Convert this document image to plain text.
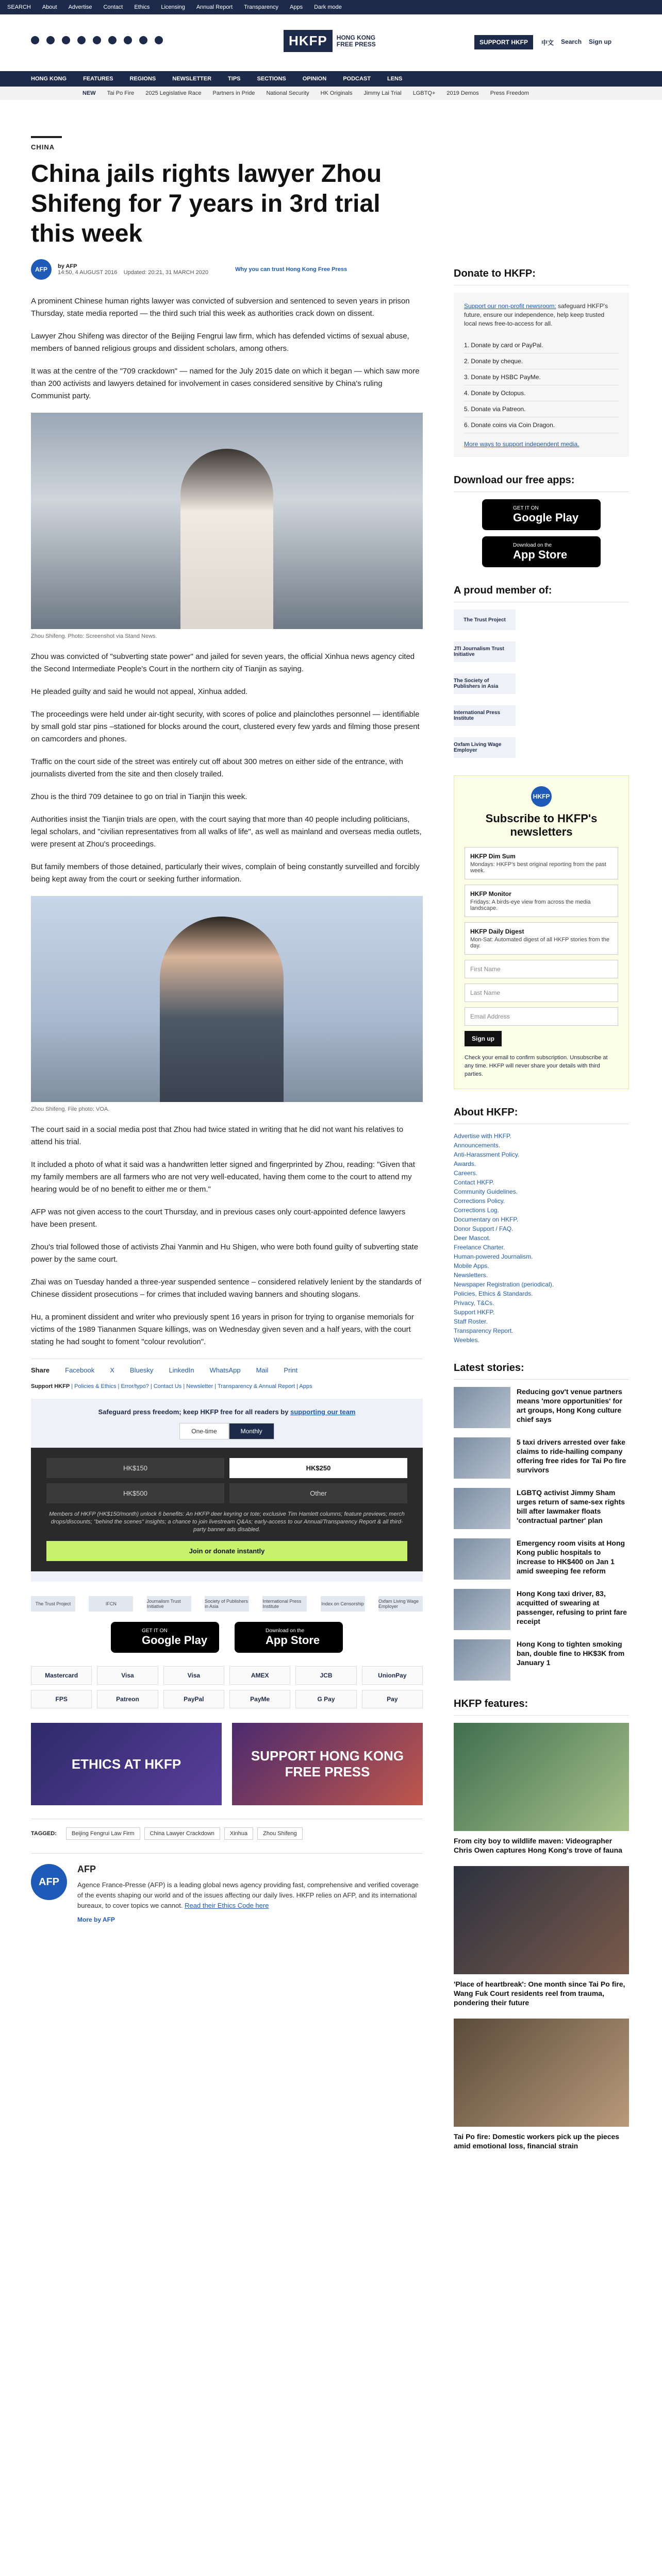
SEARCH About Advertise Contact Ethics Licensing Annual Report Transparency Apps Dark mode
HKFP	HONG KONG
FREE PRESS	SUPPORT HKFP	中文 Search Sign up
HONG KONG	FEATURES	REGIONS	NEWSLETTER	TIPS	SECTIONS	OPINION	PODCAST	LENS
NEW Tai Po Fire 2025 Legislative Race Partners in Pride National Security HK Originals Jimmy Lai Trial LGBTQ+ 2019 Demos Press Freedom
CHINA
China jails rights lawyer Zhou Shifeng for 7 years in 3rd trial this week
AFP	by AFP
14:50, 4 AUGUST 2016 Updated: 20:21, 31 MARCH 2020	Why you can trust Hong Kong Free Press

A prominent Chinese human rights lawyer was convicted of subversion and sentenced to seven years in prison Thursday, state media reported — the third such trial this week as authorities crack down on dissent.

Lawyer Zhou Shifeng was director of the Beijing Fengrui law firm, which has defended victims of sexual abuse, members of banned religious groups and dissident scholars, among others.

It was at the centre of the "709 crackdown" — named for the July 2015 date on which it began — which saw more than 200 activists and lawyers detained for involvement in cases considered sensitive by China's ruling Communist party.

Zhou Shifeng. Photo: Screenshot via Stand News.

Zhou was convicted of "subverting state power" and jailed for seven years, the official Xinhua news agency cited the Second Intermediate People's Court in the northern city of Tianjin as saying.

He pleaded guilty and said he would not appeal, Xinhua added.

The proceedings were held under air-tight security, with scores of police and plainclothes personnel — identifiable by small gold star pins –stationed for blocks around the court, clustered every few yards and filming those present on camcorders and phones.

Traffic on the court side of the street was entirely cut off about 300 metres on either side of the entrance, with journalists diverted from the site and then closely trailed.

Zhou is the third 709 detainee to go on trial in Tianjin this week.

Authorities insist the Tianjin trials are open, with the court saying that more than 40 people including politicians, legal scholars, and "civilian representatives from all walks of life", as well as mainland and overseas media outlets, were present at Zhou's proceedings.

But family members of those detained, particularly their wives, complain of being constantly surveilled and forcibly being kept away from the court or seeking further information.

Zhou Shifeng. File photo: VOA.

The court said in a social media post that Zhou had twice stated in writing that he did not want his relatives to attend his trial.

It included a photo of what it said was a handwritten letter signed and fingerprinted by Zhou, reading: "Given that my family members are all farmers who are not very well-educated, having them come to the court to attend my hearing would be of no benefit to either me or them."

AFP was not given access to the court Thursday, and in previous cases only court-appointed defence lawyers have been present.

Zhou's trial followed those of activists Zhai Yanmin and Hu Shigen, who were both found guilty of subverting state power by the same court.

Zhai was on Tuesday handed a three-year suspended sentence – considered relatively lenient by the standards of Chinese dissident prosecutions – for crimes that included waving banners and shouting slogans.

Hu, a prominent dissident and writer who previously spent 16 years in prison for trying to organise memorials for victims of the 1989 Tiananmen Square killings, was on Wednesday given seven and a half years, with the court stating he had sought to foment "colour revolution".

Share Facebook X Bluesky LinkedIn WhatsApp Mail Print
Support HKFP | Policies & Ethics | Error/typo? | Contact Us | Newsletter | Transparency & Annual Report | Apps
Safeguard press freedom; keep HKFP free for all readers by supporting our team
One-time	Monthly
HK$150	HK$250
HK$500	Other
Members of HKFP (HK$150/month) unlock 6 benefits: An HKFP deer keyring or tote; exclusive Tim Hamlett columns; feature previews; merch drops/discounts; "behind the scenes" insights; a chance to join livestream Q&As; early-access to our Annual/Transparency Report & all third-party banner ads disabled.
Join or donate instantly
The Trust Project	IFCN	Journalism Trust Initiative
Society of Publishers in Asia
International Press Institute	Index on Censorship	Oxfam Living Wage Employer
GET IT ON
Google Play
Download on the
App Store
Mastercard	Visa	Visa	AMEX	JCB	UnionPay
FPS	Patreon	PayPal	PayMe	G Pay	Pay
ETHICS AT HKFP
SUPPORT HONG KONG FREE PRESS
TAGGED:	Beijing Fengrui Law Firm	China Lawyer Crackdown	Xinhua	Zhou Shifeng
AFP
AFP
Agence France-Presse (AFP) is a leading global news agency providing fast, comprehensive and verified coverage of the events shaping our world and of the issues affecting our daily lives. HKFP relies on AFP, and its international bureaux, to cover topics we cannot. Read their Ethics Code here
More by AFP
Donate to HKFP:
Support our non-profit newsroom: safeguard HKFP's future, ensure our independence, help keep trusted local news free-to-access for all.
1. Donate by card or PayPal.
2. Donate by cheque.
3. Donate by HSBC PayMe.
4. Donate by Octopus.
5. Donate via Patreon.
6. Donate coins via Coin Dragon.
More ways to support independent media.
Download our free apps:
GET IT ON
Google Play
Download on the
App Store
A proud member of:
The Trust Project
JTI Journalism Trust Initiative
The Society of Publishers in Asia
International Press Institute
Oxfam Living Wage Employer
HKFP
Subscribe to HKFP's newsletters
HKFP Dim Sum
Mondays: HKFP's best original reporting from the past week.
HKFP Monitor
Fridays: A birds-eye view from across the media landscape.
HKFP Daily Digest
Mon-Sat: Automated digest of all HKFP stories from the day.
First Name
Last Name
Email Address
Sign up
Check your email to confirm subscription. Unsubscribe at any time. HKFP will never share your details with third parties.
About HKFP:
Advertise with HKFP.
Announcements.
Anti-Harassment Policy.
Awards.
Careers.
Contact HKFP.
Community Guidelines.
Corrections Policy.
Corrections Log.
Documentary on HKFP.
Donor Support / FAQ.
Deer Mascot.
Freelance Charter.
Human-powered Journalism.
Mobile Apps.
Newsletters.
Newspaper Registration (periodical).
Policies, Ethics & Standards.
Privacy, T&Cs.
Support HKFP.
Staff Roster.
Transparency Report.
Weebles.
Latest stories:
Reducing gov't venue partners means 'more opportunities' for art groups, Hong Kong culture chief says
5 taxi drivers arrested over fake claims to ride-hailing company offering free rides for Tai Po fire survivors
LGBTQ activist Jimmy Sham urges return of same-sex rights bill after lawmaker floats 'contractual partner' plan
Emergency room visits at Hong Kong public hospitals to increase to HK$400 on Jan 1 amid sweeping fee reform
Hong Kong taxi driver, 83, acquitted of swearing at passenger, refusing to print fare receipt
Hong Kong to tighten smoking ban, double fine to HK$3K from January 1
HKFP features:
From city boy to wildlife maven: Videographer Chris Owen captures Hong Kong's trove of fauna
'Place of heartbreak': One month since Tai Po fire, Wang Fuk Court residents reel from trauma, pondering their future
Tai Po fire: Domestic workers pick up the pieces amid emotional loss, financial strain
